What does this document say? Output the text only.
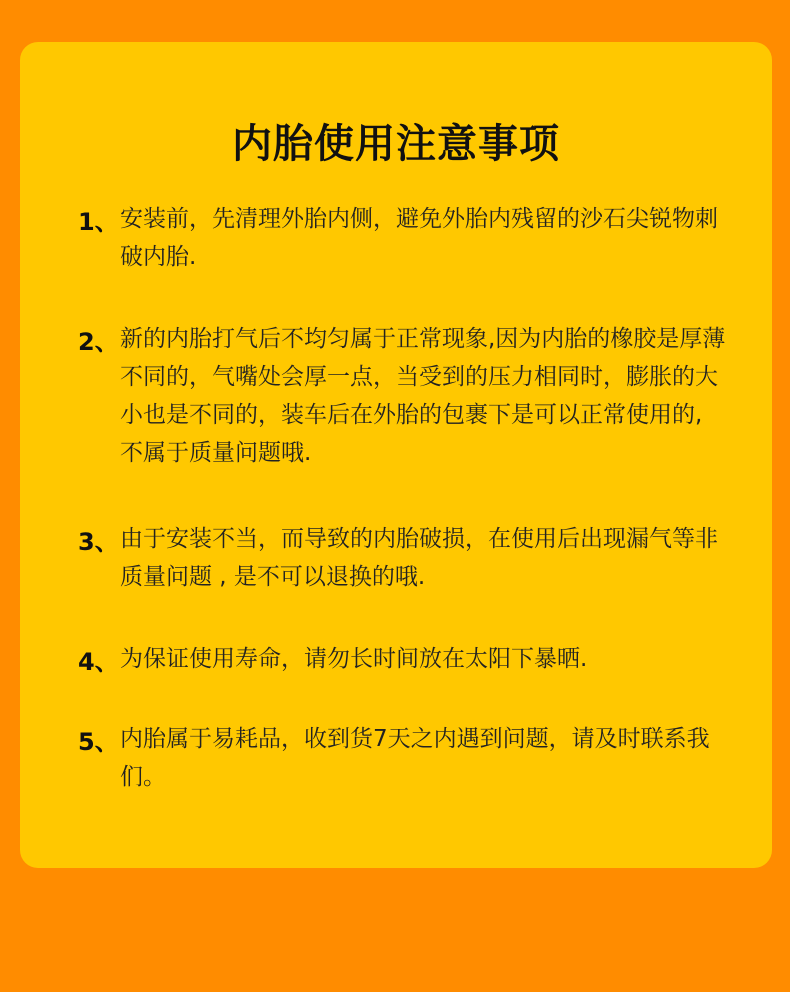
内胎使用注意事项
1、 安装前，先清理外胎内侧，避免外胎内残留的沙石尖锐物刺破内胎.
2、 新的内胎打气后不均匀属于正常现象,因为内胎的橡胶是厚薄不同的，气嘴处会厚一点，当受到的压力相同时，膨胀的大小也是不同的，装车后在外胎的包裹下是可以正常使用的, 不属于质量问题哦.
3、 由于安装不当，而导致的内胎破损，在使用后出现漏气等非质量问题 , 是不可以退换的哦.
4、 为保证使用寿命，请勿长时间放在太阳下暴晒.
5、 内胎属于易耗品，收到货7天之内遇到问题，请及时联系我们。
